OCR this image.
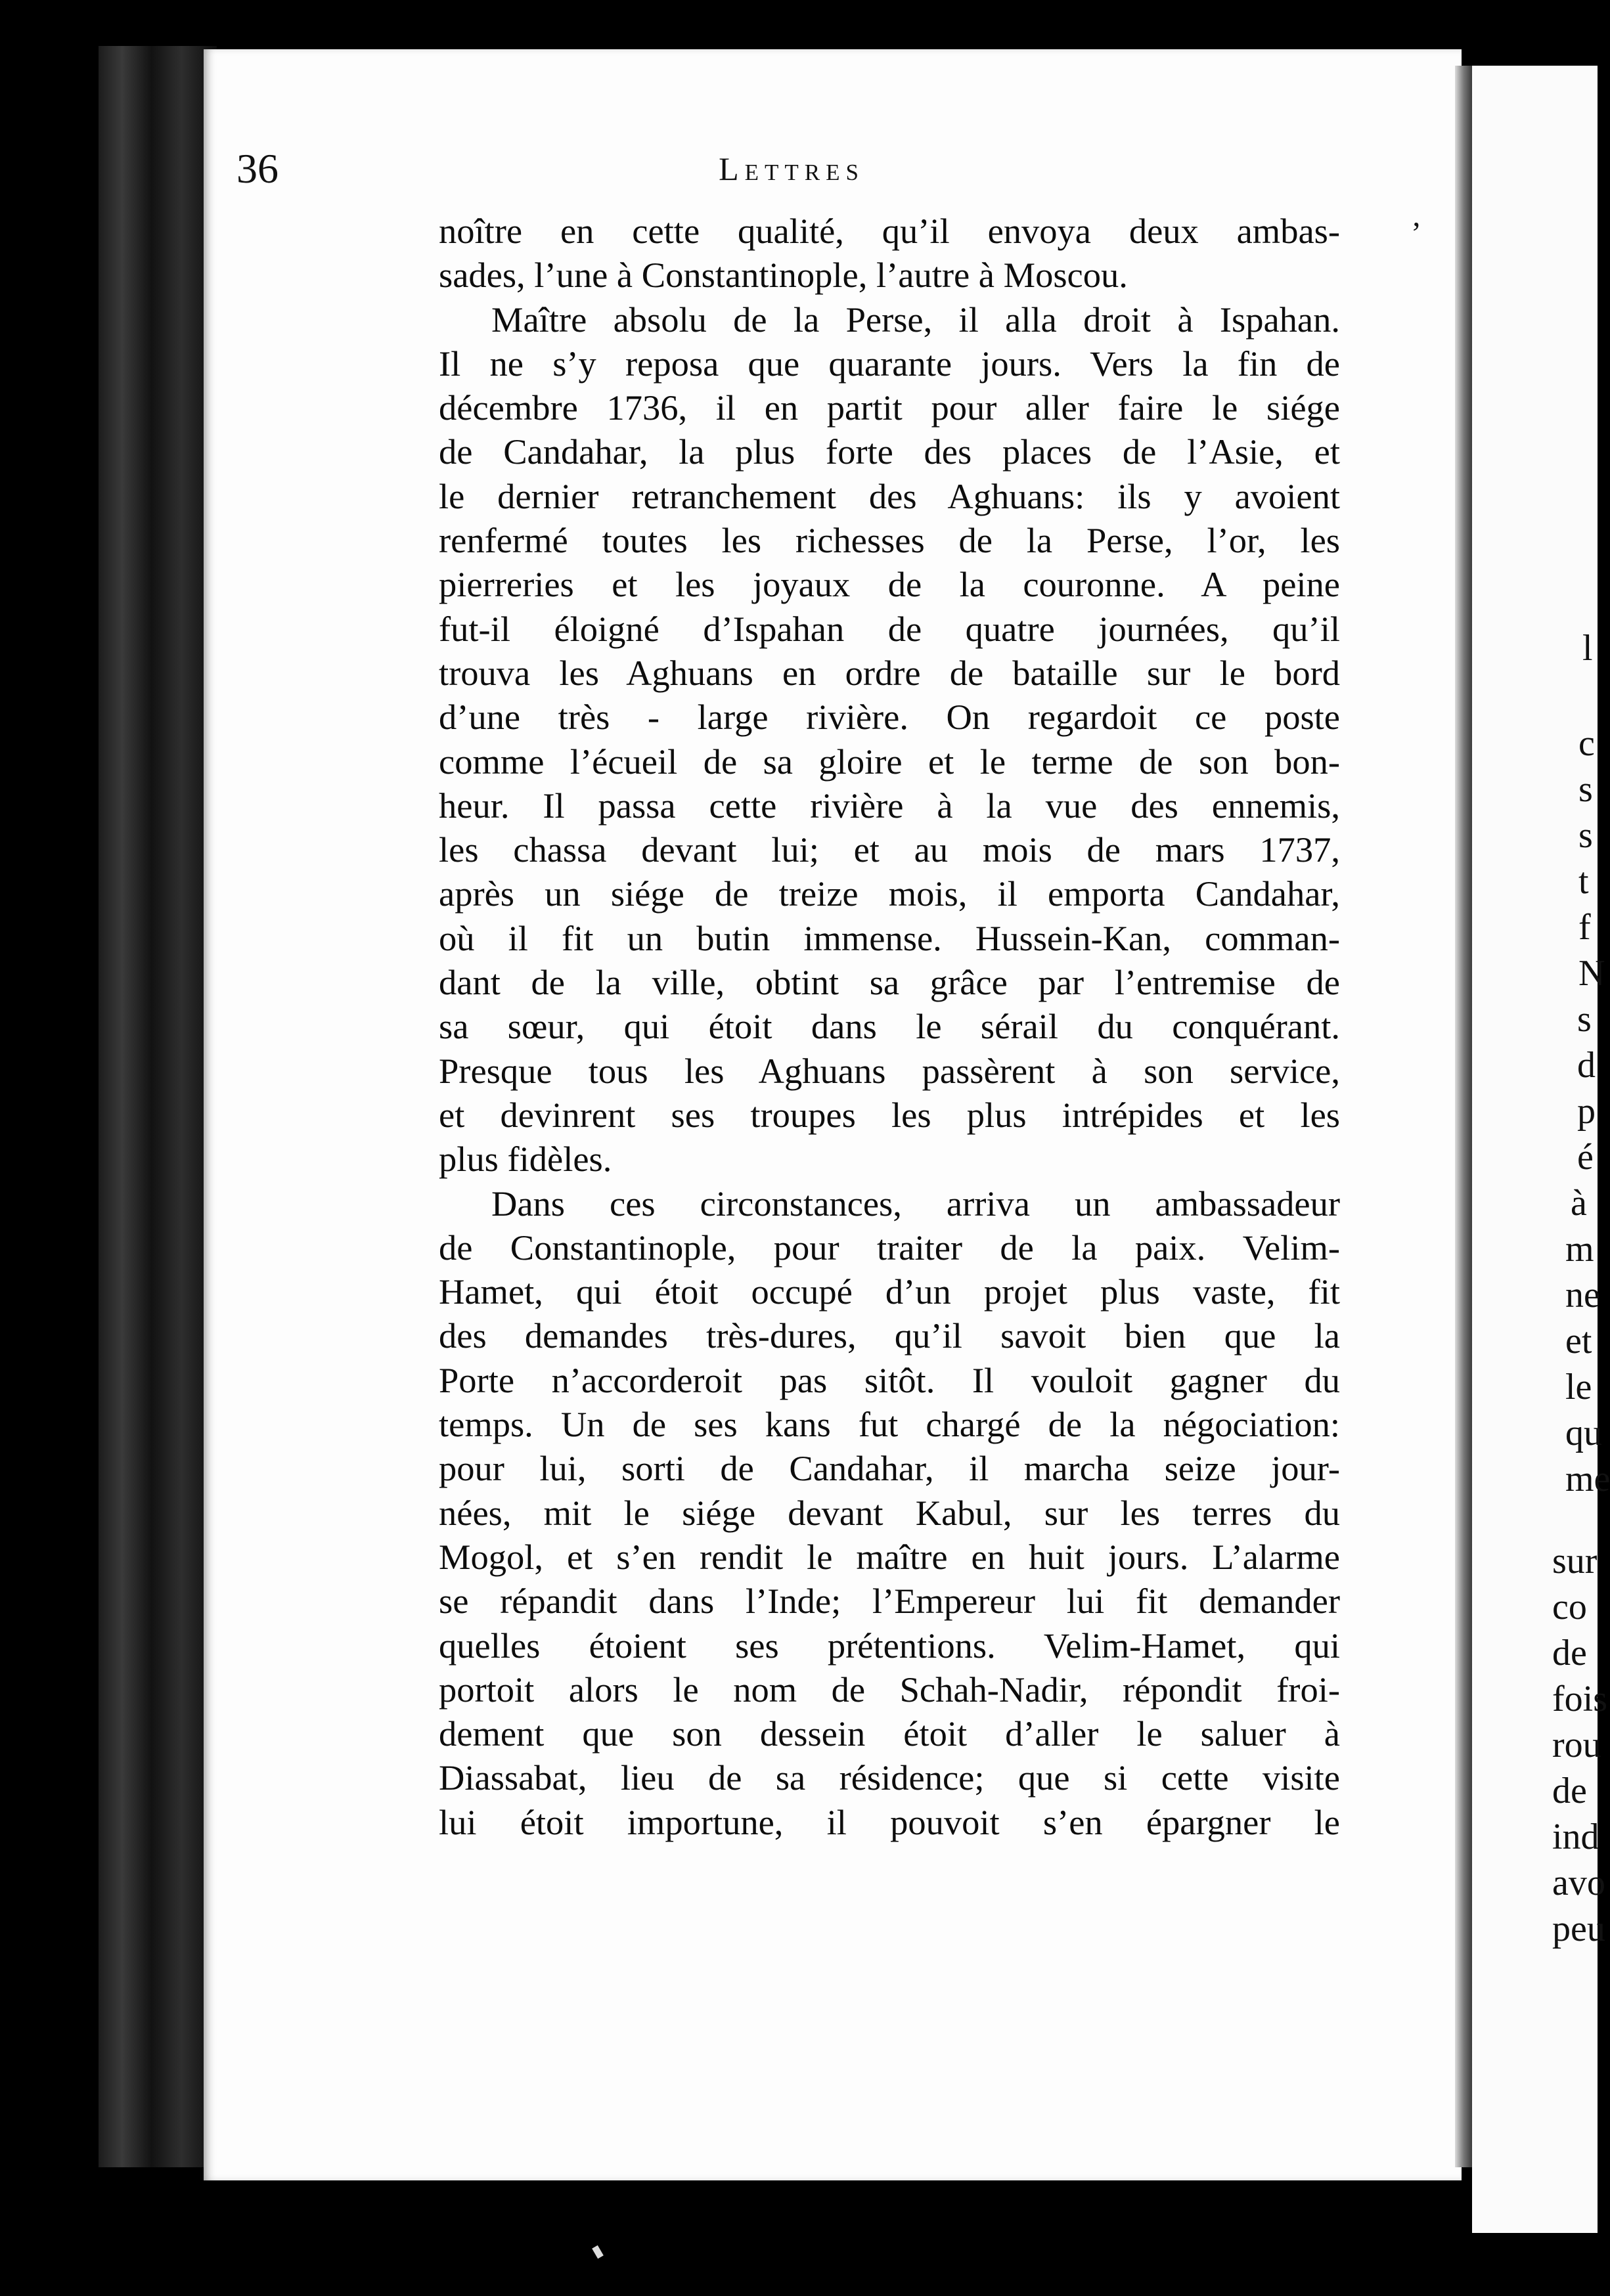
36	Lettres
ʼ
noître en cette qualité, qu’il envoya deux ambas-
sades, l’une à Constantinople, l’autre à Moscou.
Maître absolu de la Perse, il alla droit à Ispahan.
Il ne s’y reposa que quarante jours. Vers la fin de
décembre 1736, il en partit pour aller faire le siége
de Candahar, la plus forte des places de l’Asie, et
le dernier retranchement des Aghuans: ils y avoient
renfermé toutes les richesses de la Perse, l’or, les
pierreries et les joyaux de la couronne. A peine
fut-il éloigné d’Ispahan de quatre journées, qu’il
trouva les Aghuans en ordre de bataille sur le bord
d’une très - large rivière. On regardoit ce poste
comme l’écueil de sa gloire et le terme de son bon-
heur. Il passa cette rivière à la vue des ennemis,
les chassa devant lui; et au mois de mars 1737,
après un siége de treize mois, il emporta Candahar,
où il fit un butin immense. Hussein-Kan, comman-
dant de la ville, obtint sa grâce par l’entremise de
sa sœur, qui étoit dans le sérail du conquérant.
Presque tous les Aghuans passèrent à son service,
et devinrent ses troupes les plus intrépides et les
plus fidèles.
Dans ces circonstances, arriva un ambassadeur
de Constantinople, pour traiter de la paix. Velim-
Hamet, qui étoit occupé d’un projet plus vaste, fit
des demandes très-dures, qu’il savoit bien que la
Porte n’accorderoit pas sitôt. Il vouloit gagner du
temps. Un de ses kans fut chargé de la négociation:
pour lui, sorti de Candahar, il marcha seize jour-
nées, mit le siége devant Kabul, sur les terres du
Mogol, et s’en rendit le maître en huit jours. L’alarme
se répandit dans l’Inde; l’Empereur lui fit demander
quelles étoient ses prétentions. Velim-Hamet, qui
portoit alors le nom de Schah-Nadir, répondit froi-
dement que son dessein étoit d’aller le saluer à
Diassabat, lieu de sa résidence; que si cette visite
lui étoit importune, il pouvoit s’en épargner le
l
c
s
s
t
f
N
s
d
p
é
à
m
ne
et
le
qu
me
sur
co
de
fois
rou
de
ind
avo
peu
